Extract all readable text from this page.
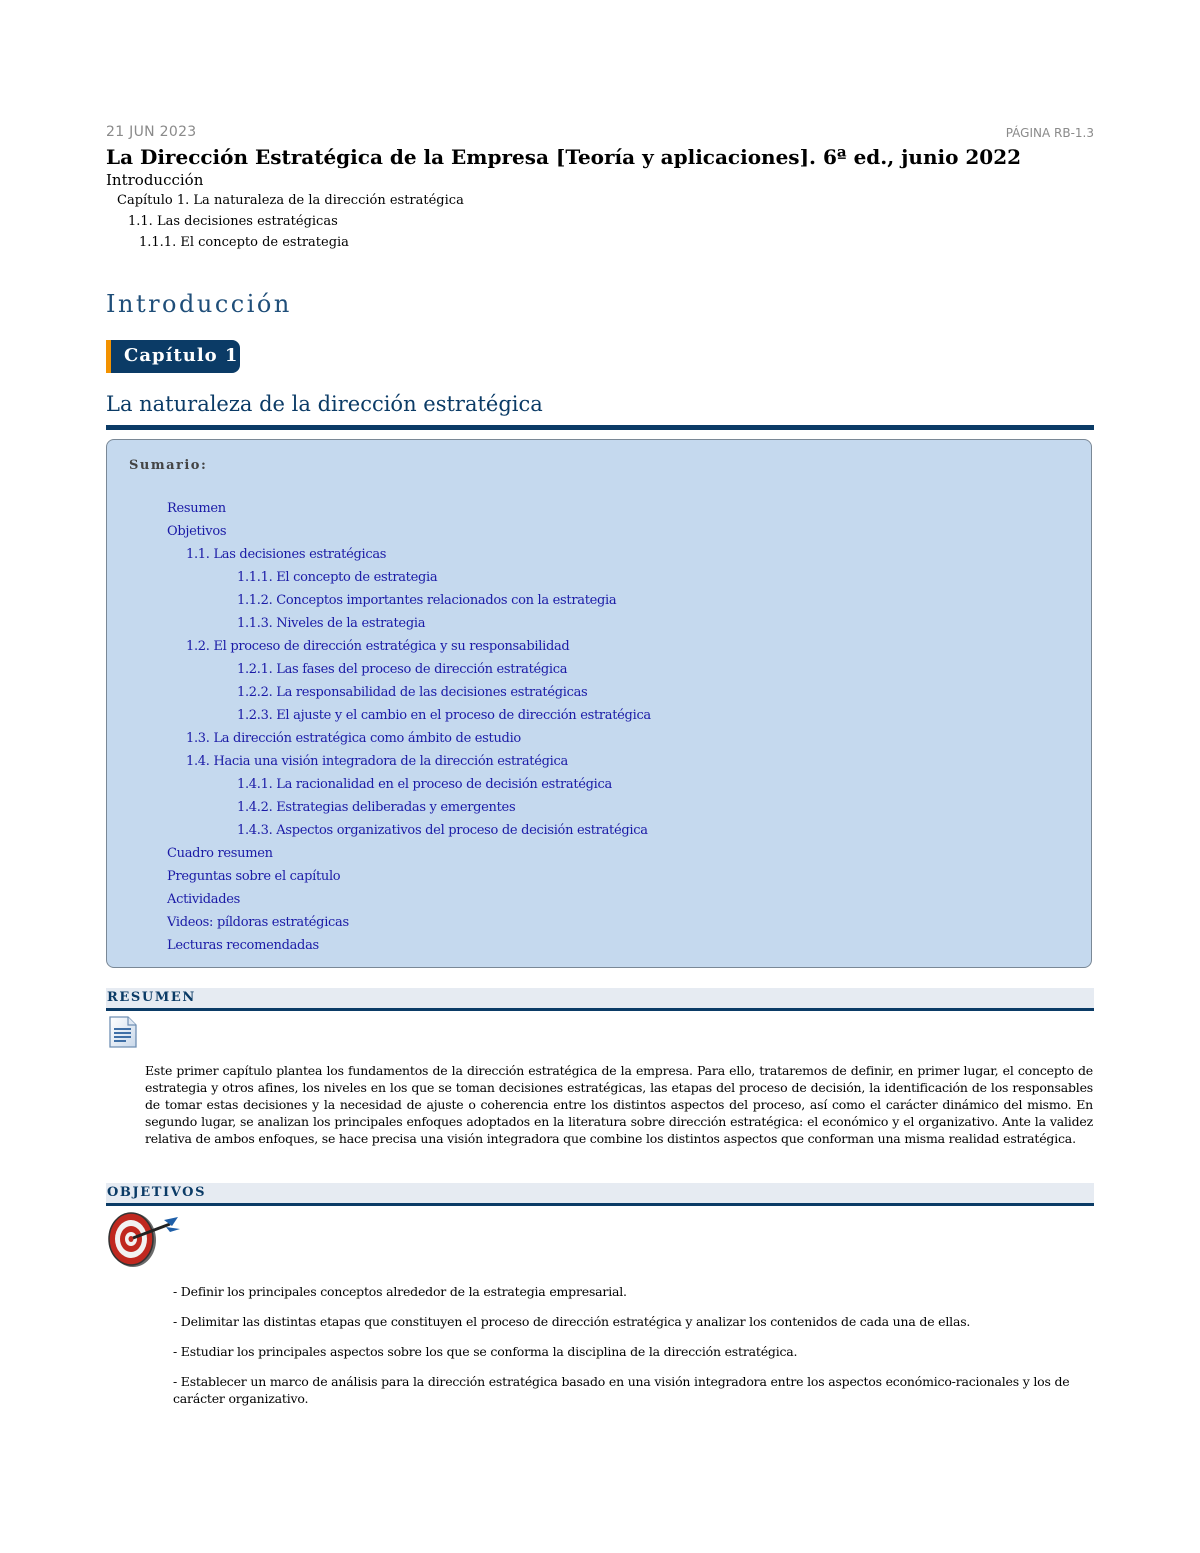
21 JUN 2023	PÁGINA RB-1.3
La Dirección Estratégica de la Empresa [Teoría y aplicaciones]. 6ª ed., junio 2022
Introducción
Capítulo 1. La naturaleza de la dirección estratégica
1.1. Las decisiones estratégicas
1.1.1. El concepto de estrategia
Introducción
Capítulo 1
La naturaleza de la dirección estratégica
Sumario:
Resumen
Objetivos
1.1. Las decisiones estratégicas
1.1.1. El concepto de estrategia
1.1.2. Conceptos importantes relacionados con la estrategia
1.1.3. Niveles de la estrategia
1.2. El proceso de dirección estratégica y su responsabilidad
1.2.1. Las fases del proceso de dirección estratégica
1.2.2. La responsabilidad de las decisiones estratégicas
1.2.3. El ajuste y el cambio en el proceso de dirección estratégica
1.3. La dirección estratégica como ámbito de estudio
1.4. Hacia una visión integradora de la dirección estratégica
1.4.1. La racionalidad en el proceso de decisión estratégica
1.4.2. Estrategias deliberadas y emergentes
1.4.3. Aspectos organizativos del proceso de decisión estratégica
Cuadro resumen
Preguntas sobre el capítulo
Actividades
Videos: píldoras estratégicas
Lecturas recomendadas
RESUMEN
Este primer capítulo plantea los fundamentos de la dirección estratégica de la empresa. Para ello, trataremos de definir, en primer lugar, el concepto de estrategia y otros afines, los niveles en los que se toman decisiones estratégicas, las etapas del proceso de decisión, la identificación de los responsables de tomar estas decisiones y la necesidad de ajuste o coherencia entre los distintos aspectos del proceso, así como el carácter dinámico del mismo. En segundo lugar, se analizan los principales enfoques adoptados en la literatura sobre dirección estratégica: el económico y el organizativo. Ante la validez relativa de ambos enfoques, se hace precisa una visión integradora que combine los distintos aspectos que conforman una misma realidad estratégica.
OBJETIVOS
- Definir los principales conceptos alrededor de la estrategia empresarial.
- Delimitar las distintas etapas que constituyen el proceso de dirección estratégica y analizar los contenidos de cada una de ellas.
- Estudiar los principales aspectos sobre los que se conforma la disciplina de la dirección estratégica.
- Establecer un marco de análisis para la dirección estratégica basado en una visión integradora entre los aspectos económico-racionales y los de carácter organizativo.
